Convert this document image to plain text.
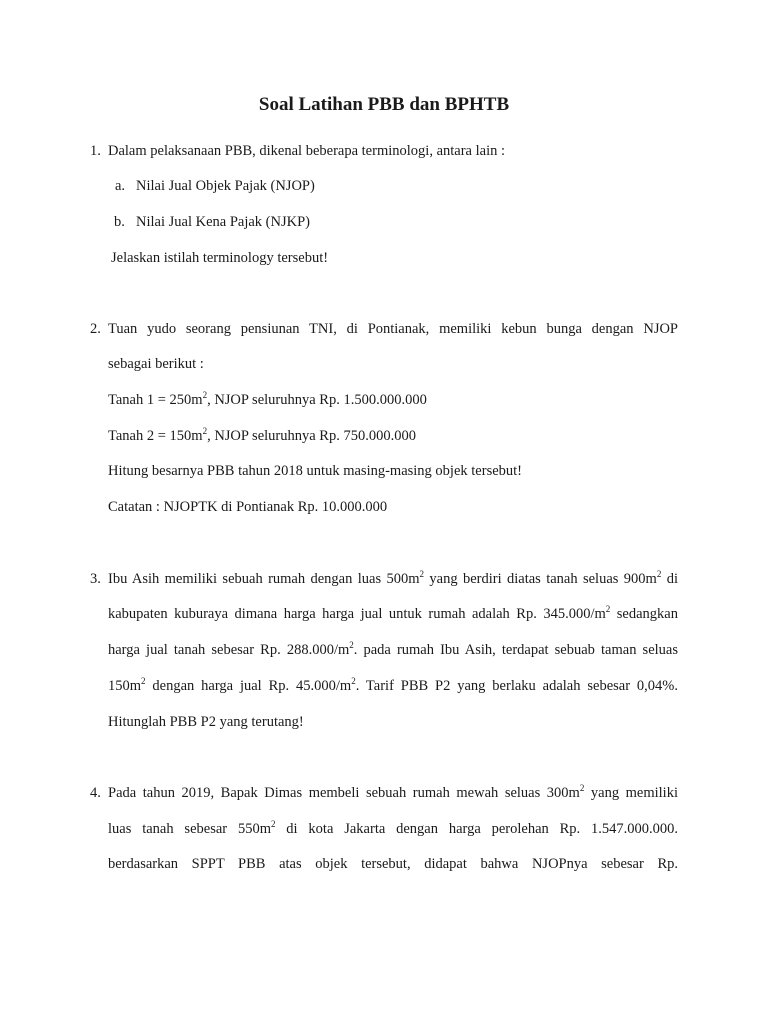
Soal Latihan PBB dan BPHTB
1. Dalam pelaksanaan PBB, dikenal beberapa terminologi, antara lain :
a. Nilai Jual Objek Pajak (NJOP)
b. Nilai Jual Kena Pajak (NJKP)
Jelaskan istilah terminology tersebut!
2. Tuan yudo seorang pensiunan TNI, di Pontianak, memiliki kebun bunga dengan NJOP
sebagai berikut :
Tanah $1 = 250m^2$, NJOP seluruhnya Rp. 1.500.000.000
Tanah $2 = 150m^2$, NJOP seluruhnya Rp. 750.000.000
Hitung besarnya PBB tahun 2018 untuk masing-masing objek tersebut!
Catatan : NJOPTK di Pontianak Rp. 10.000.000
3. Ibu Asih memiliki sebuah rumah dengan luas $500m^2$ yang berdiri diatas tanah seluas $900m^2$ di
kabupaten kuburaya dimana harga harga jual untuk rumah adalah Rp. $345.000/m^2$ sedangkan
harga jual tanah sebesar Rp. $288.000/m^2$. pada rumah Ibu Asih, terdapat sebuab taman seluas
$150m^2$ dengan harga jual Rp. $45.000/m^2$. Tarif PBB P2 yang berlaku adalah sebesar 0,04%.
Hitunglah PBB P2 yang terutang!
4. Pada tahun 2019, Bapak Dimas membeli sebuah rumah mewah seluas $300m^2$ yang memiliki
luas tanah sebesar $550m^2$ di kota Jakarta dengan harga perolehan Rp. 1.547.000.000.
berdasarkan SPPT PBB atas objek tersebut, didapat bahwa NJOPnya sebesar Rp.
